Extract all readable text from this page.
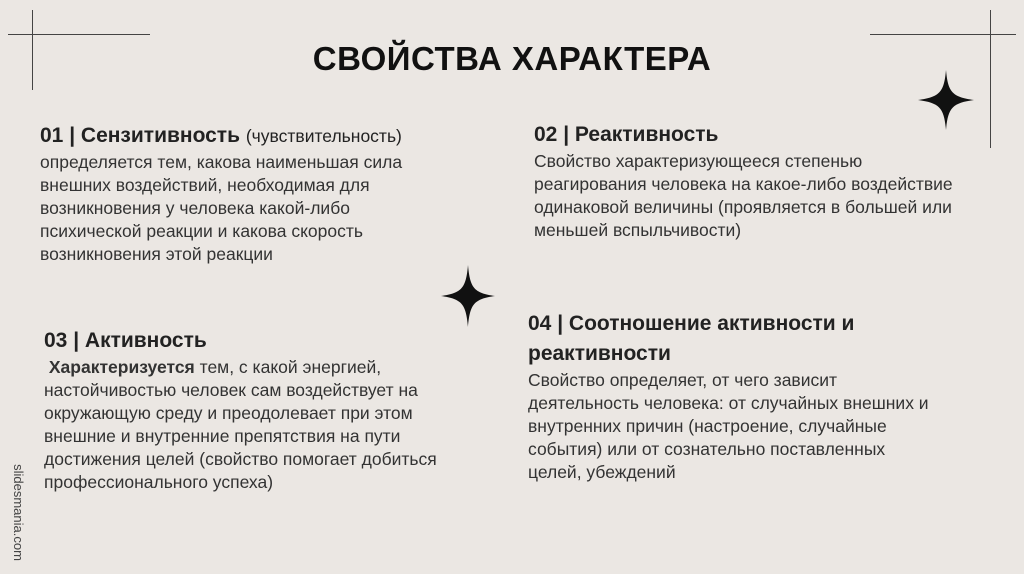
СВОЙСТВА ХАРАКТЕРА
01 | Сензитивность (чувствительность)
определяется тем, какова наименьшая сила
внешних воздействий, необходимая для
возникновения у человека какой-либо
психической реакции и какова скорость
возникновения этой реакции
02 | Реактивность
Свойство характеризующееся степенью
реагирования человека на какое-либо воздействие
одинаковой величины (проявляется в большей или
меньшей вспыльчивости)
03 | Активность
Характеризуется тем, с какой энергией,
настойчивостью человек сам воздействует на
окружающую среду и преодолевает при этом
внешние и внутренние препятствия на пути
достижения целей (свойство помогает добиться
профессионального успеха)
04 | Соотношение активности и
реактивности
Свойство определяет, от чего зависит
деятельность человека: от случайных внешних и
внутренних причин (настроение, случайные
события) или от сознательно поставленных
целей, убеждений
slidesmania.com
